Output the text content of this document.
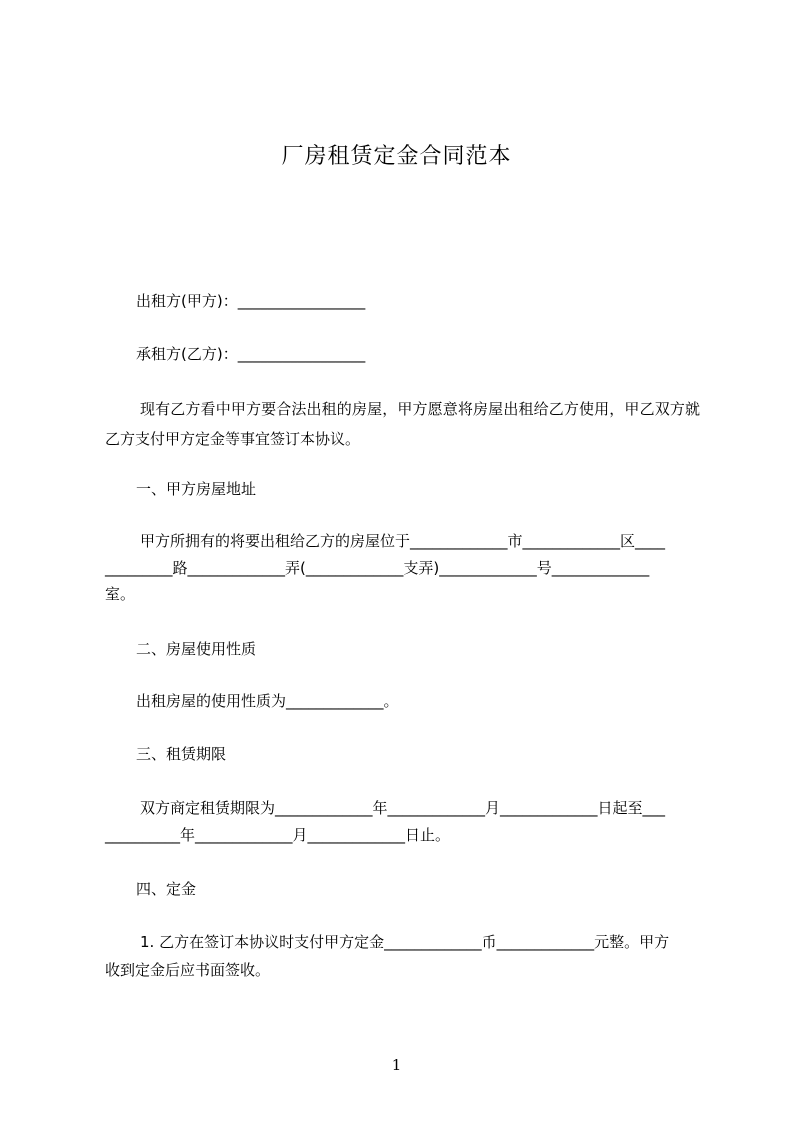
厂房租赁定金合同范本
出租方(甲方)：_________________
承租方(乙方)：_________________
现有乙方看中甲方要合法出租的房屋，甲方愿意将房屋出租给乙方使用，甲乙双方就乙方支付甲方定金等事宜签订本协议。
一、甲方房屋地址
甲方所拥有的将要出租给乙方的房屋位于_____________市_____________区____
_________路_____________弄(_____________支弄)_____________号_____________
室。
二、房屋使用性质
出租房屋的使用性质为_____________。
三、租赁期限
双方商定租赁期限为_____________年_____________月_____________日起至___
__________年_____________月_____________日止。
四、定金
1. 乙方在签订本协议时支付甲方定金_____________币_____________元整。甲方
收到定金后应书面签收。
1
